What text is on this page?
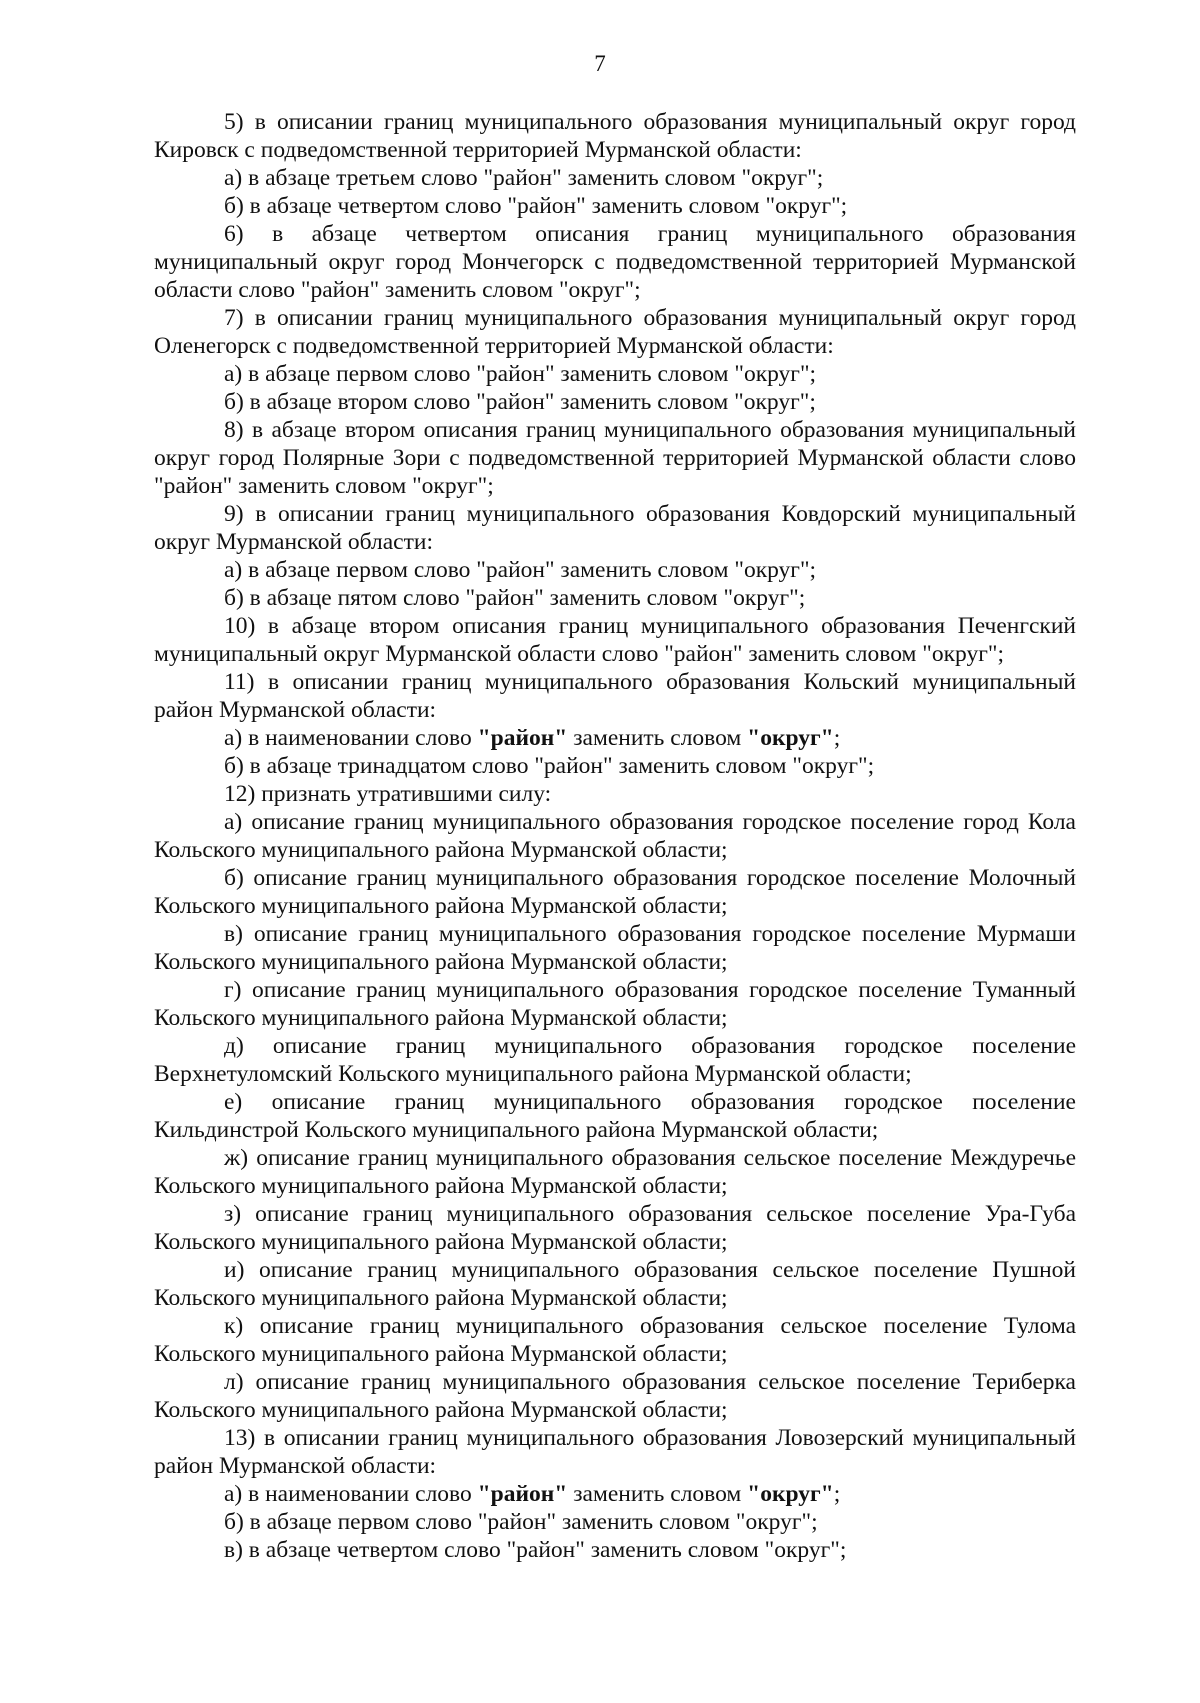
7

5) в описании границ муниципального образования муниципальный округ город Кировск с подведомственной территорией Мурманской области:

а) в абзаце третьем слово "район" заменить словом "округ";

б) в абзаце четвертом слово "район" заменить словом "округ";

6) в абзаце четвертом описания границ муниципального образования муниципальный округ город Мончегорск с подведомственной территорией Мурманской области слово "район" заменить словом "округ";

7) в описании границ муниципального образования муниципальный округ город Оленегорск с подведомственной территорией Мурманской области:

а) в абзаце первом слово "район" заменить словом "округ";

б) в абзаце втором слово "район" заменить словом "округ";

8) в абзаце втором описания границ муниципального образования муниципальный округ город Полярные Зори с подведомственной территорией Мурманской области слово "район" заменить словом "округ";

9) в описании границ муниципального образования Ковдорский муниципальный округ Мурманской области:

а) в абзаце первом слово "район" заменить словом "округ";

б) в абзаце пятом слово "район" заменить словом "округ";

10) в абзаце втором описания границ муниципального образования Печенгский муниципальный округ Мурманской области слово "район" заменить словом "округ";

11) в описании границ муниципального образования Кольский муниципальный район Мурманской области:

а) в наименовании слово "район" заменить словом "округ";

б) в абзаце тринадцатом слово "район" заменить словом "округ";

12) признать утратившими силу:

а) описание границ муниципального образования городское поселение город Кола Кольского муниципального района Мурманской области;

б) описание границ муниципального образования городское поселение Молочный Кольского муниципального района Мурманской области;

в) описание границ муниципального образования городское поселение Мурмаши Кольского муниципального района Мурманской области;

г) описание границ муниципального образования городское поселение Туманный Кольского муниципального района Мурманской области;

д) описание границ муниципального образования городское поселение Верхнетуломский Кольского муниципального района Мурманской области;

е) описание границ муниципального образования городское поселение Кильдинстрой Кольского муниципального района Мурманской области;

ж) описание границ муниципального образования сельское поселение Междуречье Кольского муниципального района Мурманской области;

з) описание границ муниципального образования сельское поселение Ура-Губа Кольского муниципального района Мурманской области;

и) описание границ муниципального образования сельское поселение Пушной Кольского муниципального района Мурманской области;

к) описание границ муниципального образования сельское поселение Тулома Кольского муниципального района Мурманской области;

л) описание границ муниципального образования сельское поселение Териберка Кольского муниципального района Мурманской области;

13) в описании границ муниципального образования Ловозерский муниципальный район Мурманской области:

а) в наименовании слово "район" заменить словом "округ";

б) в абзаце первом слово "район" заменить словом "округ";

в) в абзаце четвертом слово "район" заменить словом "округ";
